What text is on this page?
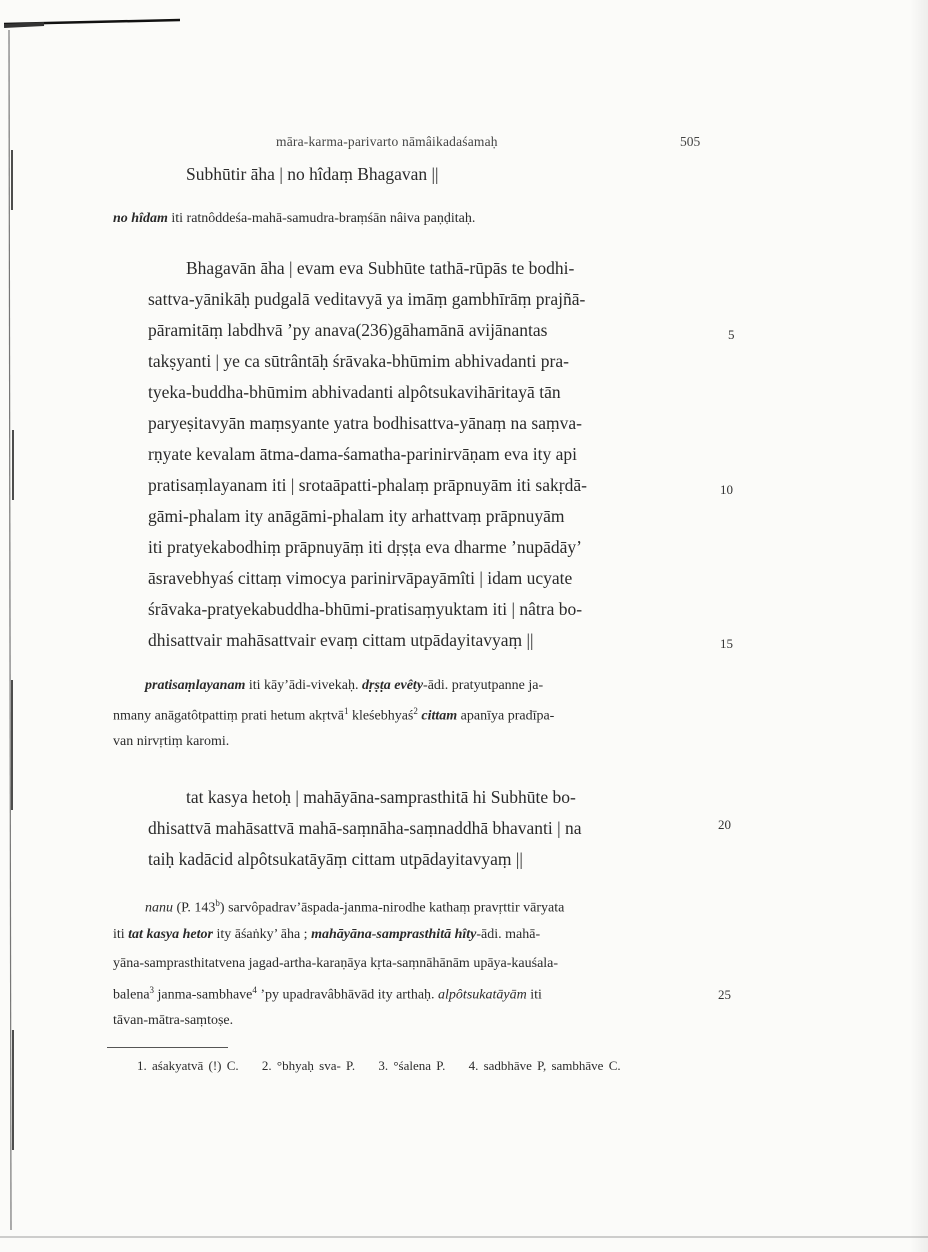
māra-karma-parivarto nāmâikadaśamaḥ	505
Subhūtir āha | no hîdaṃ Bhagavan ||
no hîdam iti ratnôddeśa-mahā-samudra-braṃśān nâiva paṇḍitaḥ.
Bhagavān āha | evam eva Subhūte tathā-rūpās te bodhi-
sattva-yānikāḥ pudgalā veditavyā ya imāṃ gambhīrāṃ prajñā-
pāramitāṃ labdhvā ’py anava(236)gāhamānā avijānantas
takṣyanti | ye ca sūtrântāḥ śrāvaka-bhūmim abhivadanti pra-
tyeka-buddha-bhūmim abhivadanti alpôtsukavihāritayā tān
paryeṣitavyān maṃsyante yatra bodhisattva-yānaṃ na saṃva-
rṇyate kevalam ātma-dama-śamatha-parinirvāṇam eva ity api
pratisaṃlayanam iti | srotaāpatti-phalaṃ prāpnuyām iti sakṛdā-
gāmi-phalam ity anāgāmi-phalam ity arhattvaṃ prāpnuyām
iti pratyekabodhiṃ prāpnuyāṃ iti dṛṣṭa eva dharme ’nupādāy’
āsravebhyaś cittaṃ vimocya parinirvāpayāmîti | idam ucyate
śrāvaka-pratyekabuddha-bhūmi-pratisaṃyuktam iti | nâtra bo-
dhisattvair mahāsattvair evaṃ cittam utpādayitavyaṃ ||
5
10
15
pratisaṃlayanam iti kāy’ādi-vivekaḥ. dṛṣṭa evêty-ādi. pratyutpanne ja-
nmany anāgatôtpattiṃ prati hetum akṛtvā$^1$ kleśebhyaś$^2$ cittam apanīya pradīpa-
van nirvṛtiṃ karomi.
tat kasya hetoḥ | mahāyāna-samprasthitā hi Subhūte bo-
dhisattvā mahāsattvā mahā-saṃnāha-saṃnaddhā bhavanti | na
taiḥ kadācid alpôtsukatāyāṃ cittam utpādayitavyaṃ ||
20
nanu (P. 143$^b$) sarvôpadrav’āspada-janma-nirodhe kathaṃ pravṛttir vāryata
iti tat kasya hetor ity āśaṅky’ āha ; mahāyāna-samprasthitā hîty-ādi. mahā-
yāna-samprasthitatvena jagad-artha-karaṇāya kṛta-saṃnāhānām upāya-kauśala-
balena$^3$ janma-sambhave$^4$ ’py upadravâbhāvād ity arthaḥ. alpôtsukatāyām iti
tāvan-mātra-saṃtoṣe.
25
1. aśakyatvā (!) C. 2. °bhyaḥ sva- P. 3. °śalena P. 4. sadbhāve P, sambhāve C.
